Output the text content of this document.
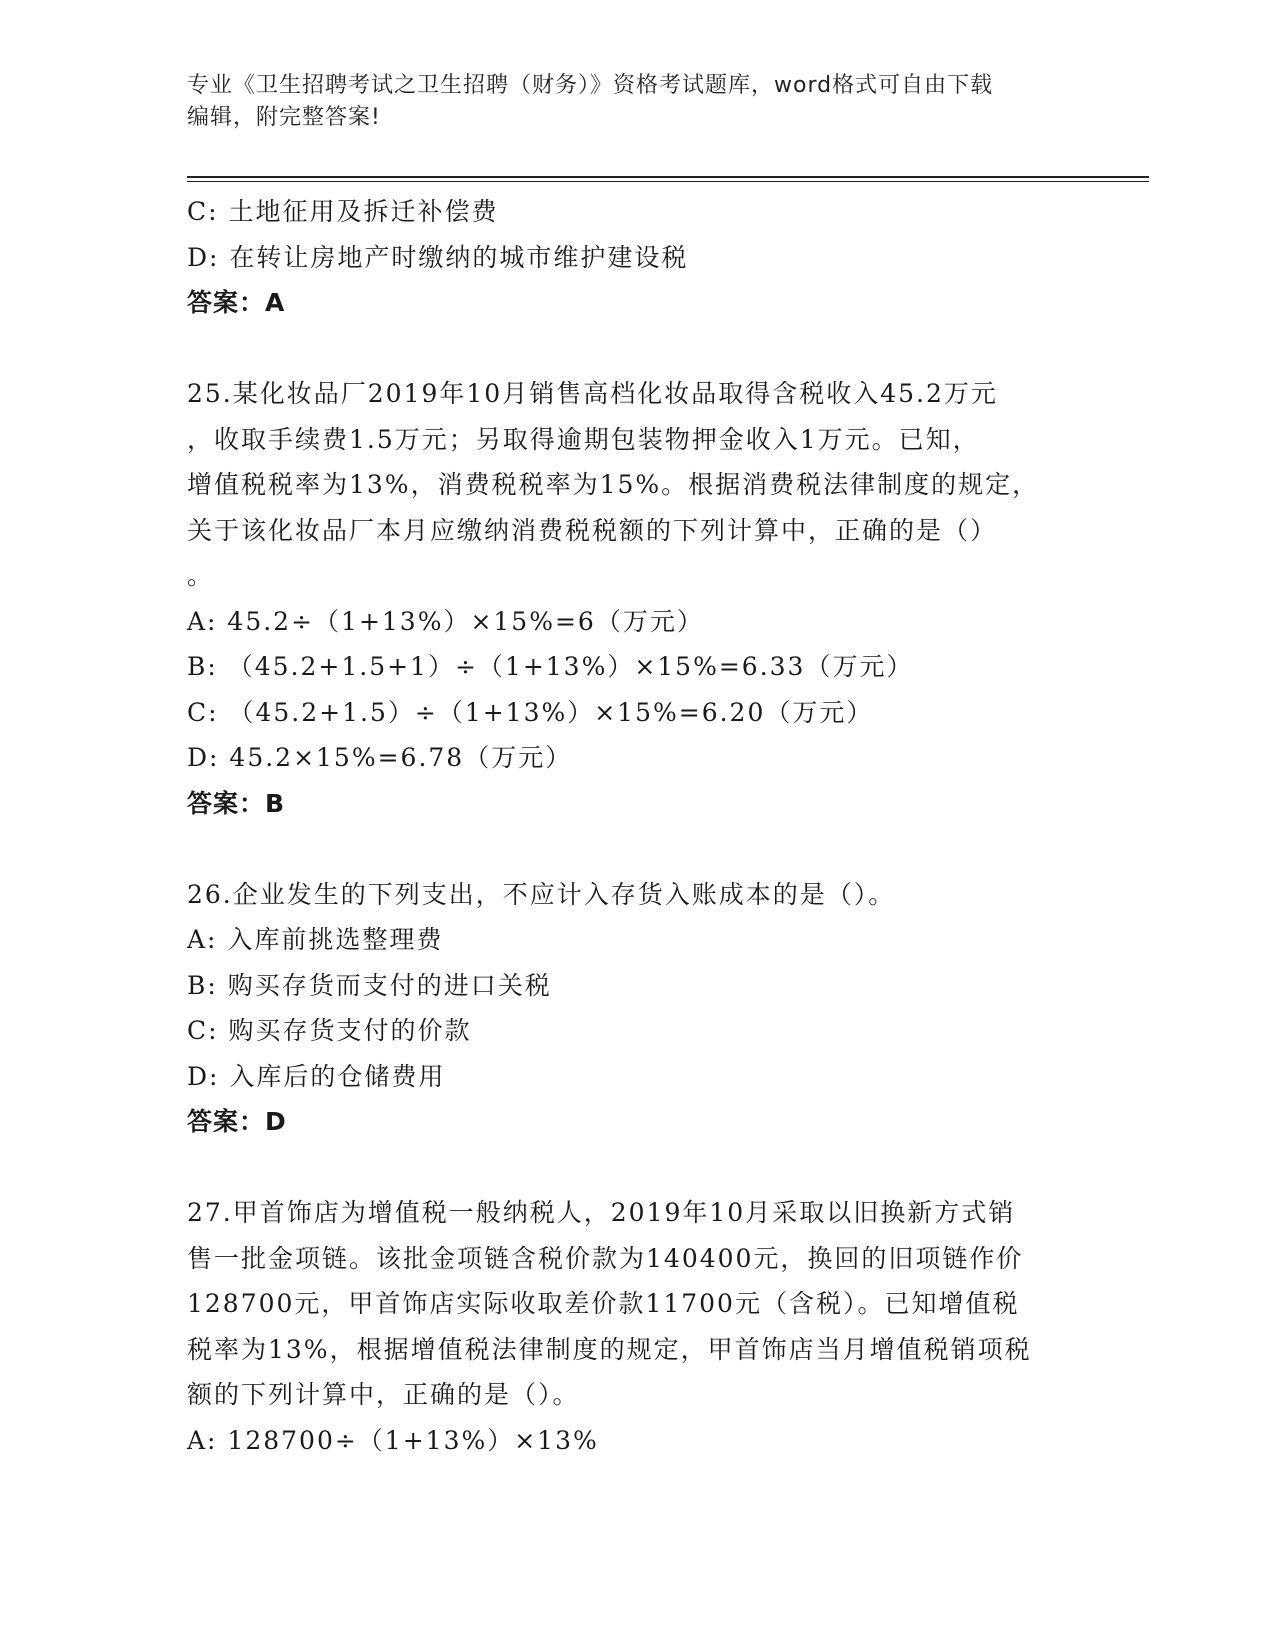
专业《卫生招聘考试之卫生招聘（财务）》资格考试题库，word格式可自由下载
编辑，附完整答案!
C: 土地征用及拆迁补偿费
D: 在转让房地产时缴纳的城市维护建设税
答案：A
25.某化妆品厂2019年10月销售高档化妆品取得含税收入45.2万元
，收取手续费1.5万元；另取得逾期包装物押金收入1万元。已知，
增值税税率为13%，消费税税率为15%。根据消费税法律制度的规定，
关于该化妆品厂本月应缴纳消费税税额的下列计算中，正确的是（）
。
A: 45.2÷（1+13%）×15%=6（万元）
B: （45.2+1.5+1）÷（1+13%）×15%=6.33（万元）
C: （45.2+1.5）÷（1+13%）×15%=6.20（万元）
D: 45.2×15%=6.78（万元）
答案：B
26.企业发生的下列支出，不应计入存货入账成本的是（）。
A: 入库前挑选整理费
B: 购买存货而支付的进口关税
C: 购买存货支付的价款
D: 入库后的仓储费用
答案：D
27.甲首饰店为增值税一般纳税人，2019年10月采取以旧换新方式销
售一批金项链。该批金项链含税价款为140400元，换回的旧项链作价
128700元，甲首饰店实际收取差价款11700元（含税）。已知增值税
税率为13%，根据增值税法律制度的规定，甲首饰店当月增值税销项税
额的下列计算中，正确的是（）。
A: 128700÷（1+13%）×13%
